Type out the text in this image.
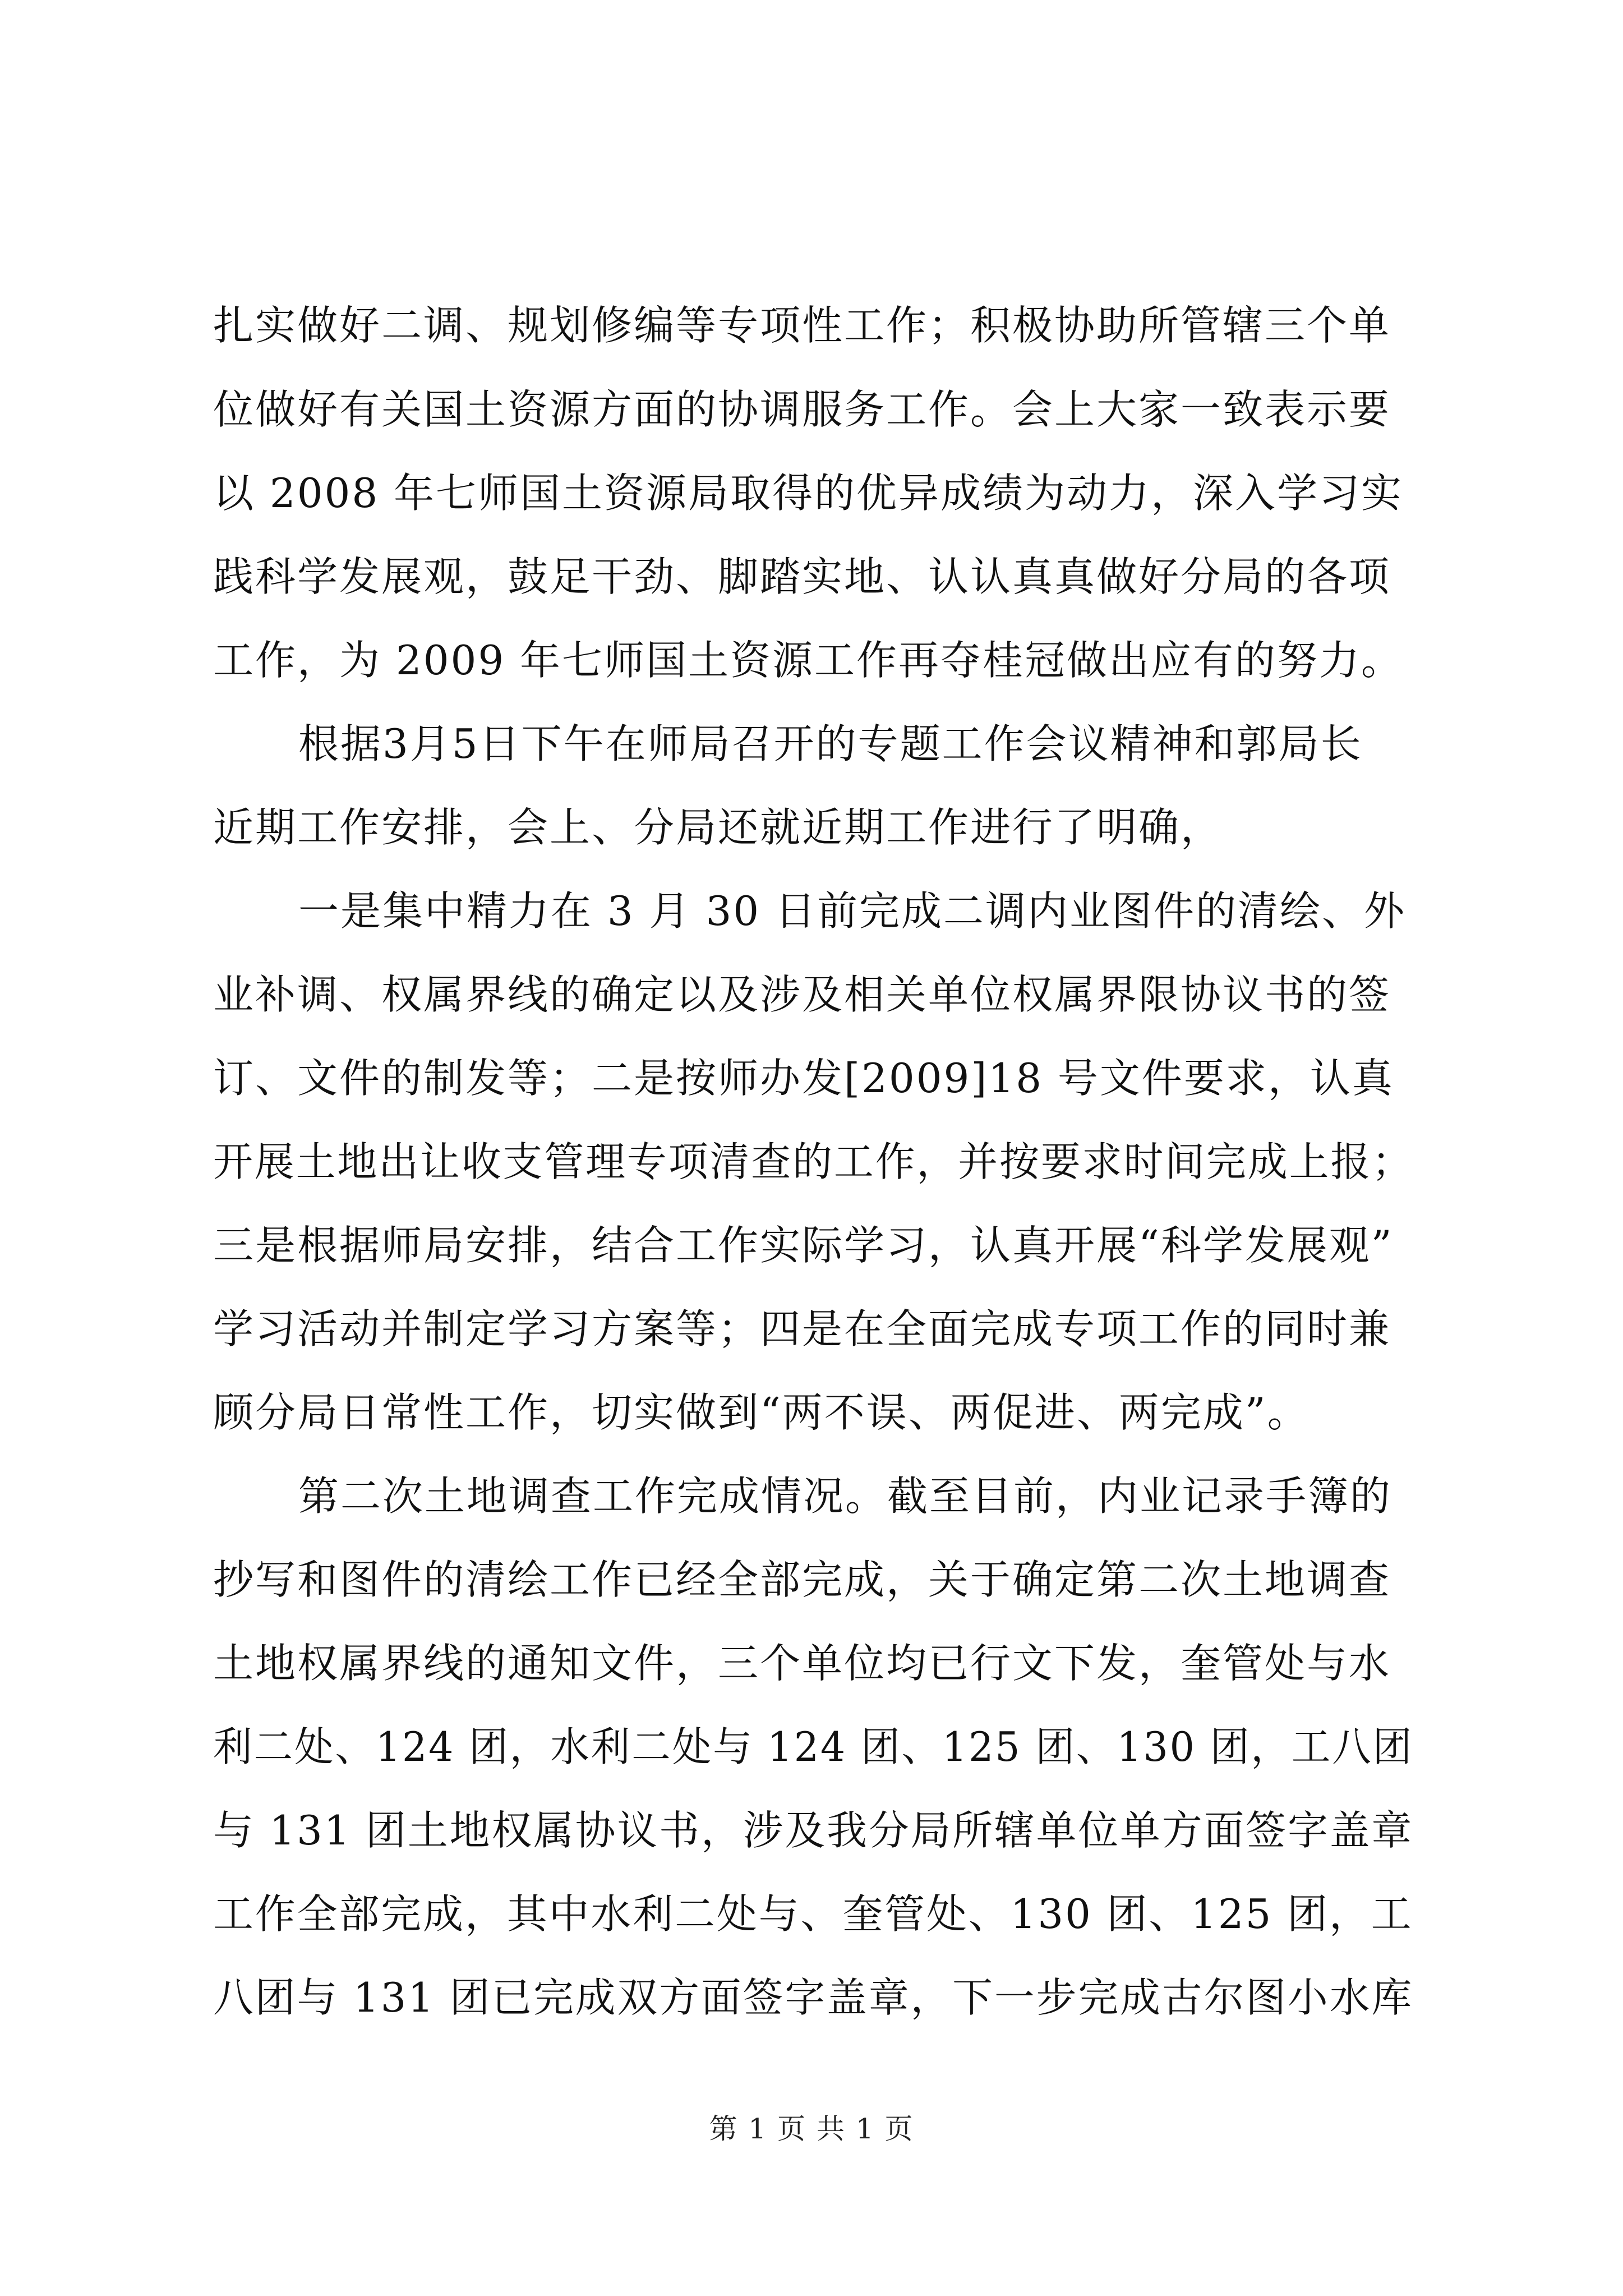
扎实做好二调、规划修编等专项性工作；积极协助所管辖三个单
位做好有关国土资源方面的协调服务工作。会上大家一致表示要
以 2008 年七师国土资源局取得的优异成绩为动力，深入学习实
践科学发展观，鼓足干劲、脚踏实地、认认真真做好分局的各项
工作，为 2009 年七师国土资源工作再夺桂冠做出应有的努力。
根据3月5日下午在师局召开的专题工作会议精神和郭局长
近期工作安排，会上、分局还就近期工作进行了明确，
一是集中精力在 3 月 30 日前完成二调内业图件的清绘、外
业补调、权属界线的确定以及涉及相关单位权属界限协议书的签
订、文件的制发等；二是按师办发[2009]18 号文件要求，认真
开展土地出让收支管理专项清查的工作，并按要求时间完成上报；
三是根据师局安排，结合工作实际学习，认真开展“科学发展观”
学习活动并制定学习方案等；四是在全面完成专项工作的同时兼
顾分局日常性工作，切实做到“两不误、两促进、两完成”。
第二次土地调查工作完成情况。截至目前，内业记录手簿的
抄写和图件的清绘工作已经全部完成，关于确定第二次土地调查
土地权属界线的通知文件，三个单位均已行文下发，奎管处与水
利二处、124 团，水利二处与 124 团、125 团、130 团，工八团
与 131 团土地权属协议书，涉及我分局所辖单位单方面签字盖章
工作全部完成，其中水利二处与、奎管处、130 团、125 团，工
八团与 131 团已完成双方面签字盖章，下一步完成古尔图小水库
第 1 页 共 1 页
